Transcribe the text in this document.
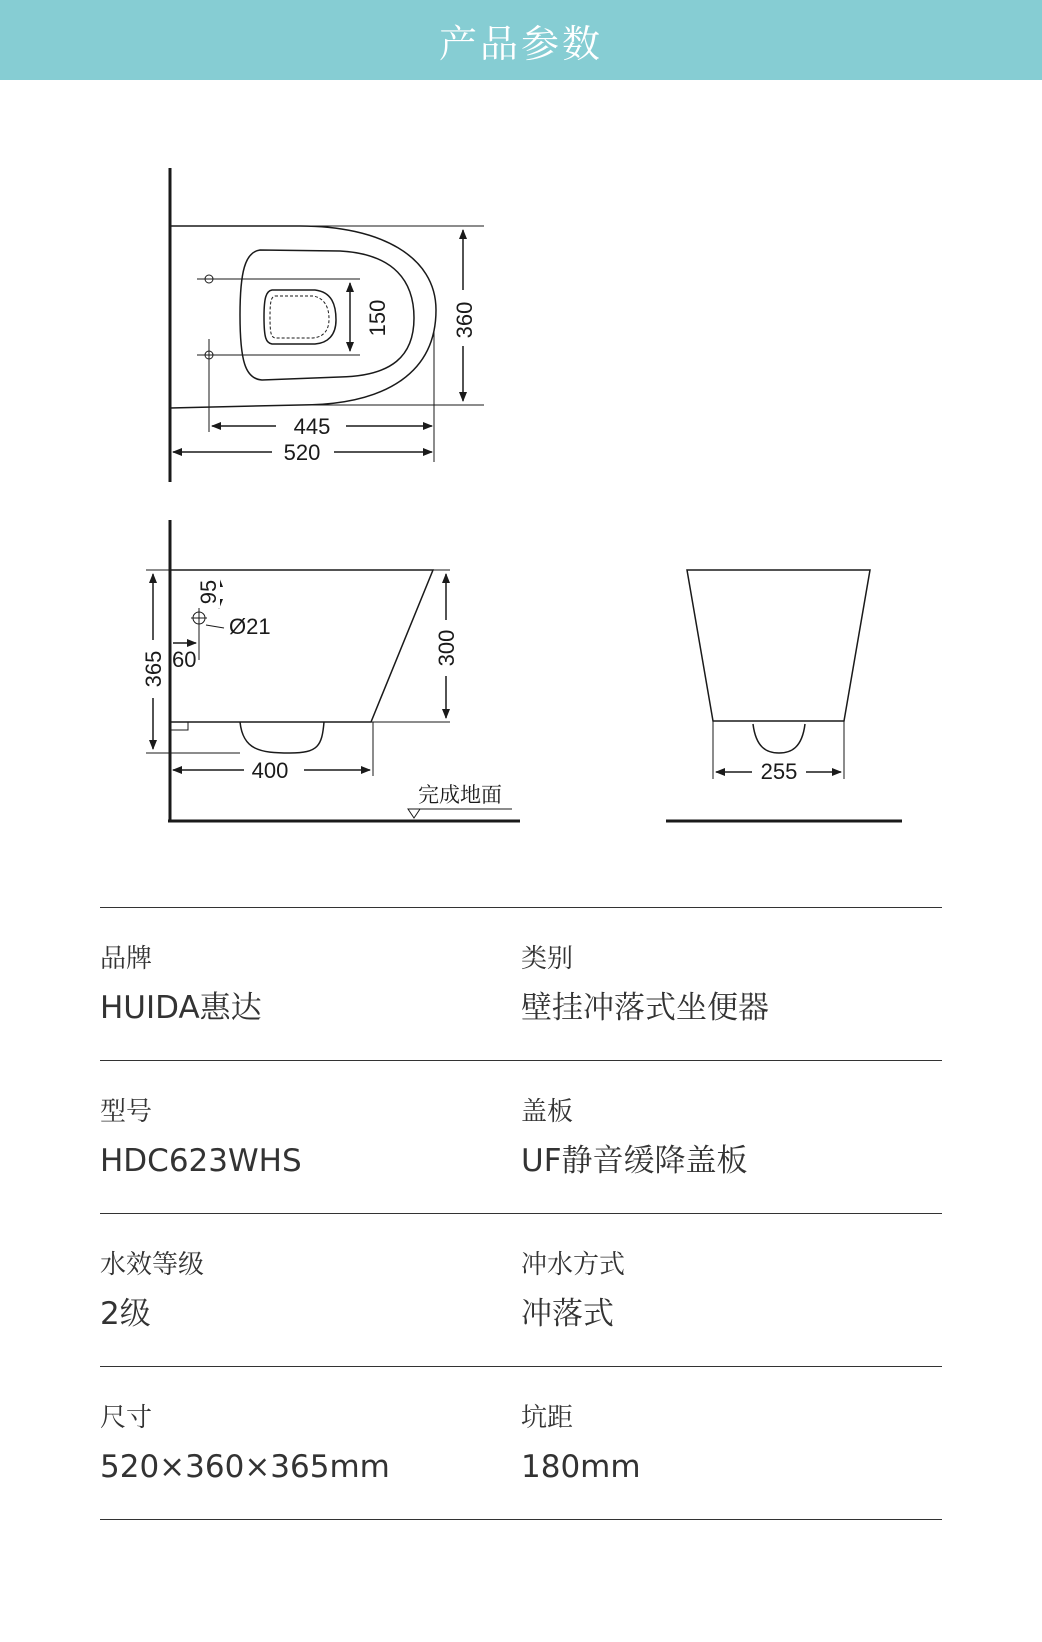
产品参数
445
520
150	360
95
Ø21
60
365
300
400
完成地面
255
品牌
HUIDA惠达
类别
壁挂冲落式坐便器
型号
HDC623WHS
盖板
UF静音缓降盖板
水效等级
2级
冲水方式
冲落式
尺寸
520×360×365mm
坑距
180mm
